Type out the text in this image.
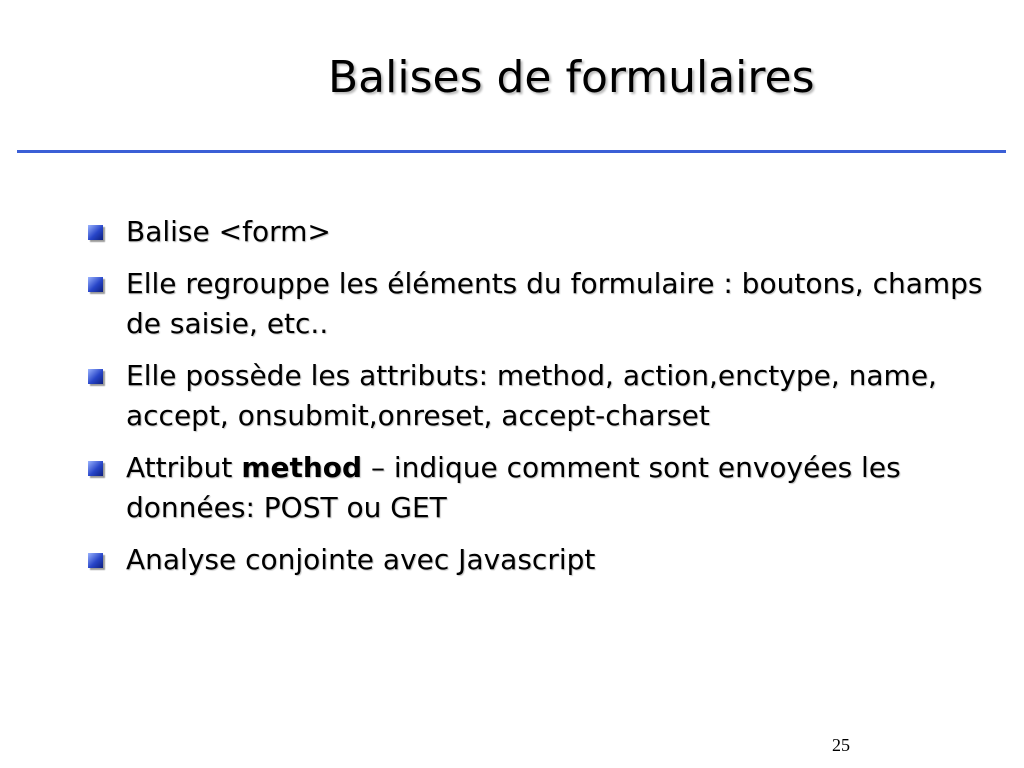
Balises de formulaires
Balise <form>
Elle regrouppe les éléments du formulaire : boutons, champs de saisie, etc..
Elle possède les attributs: method, action,enctype, name, accept, onsubmit,onreset, accept-charset
Attribut method – indique comment sont envoyées les données: POST ou GET
Analyse conjointe avec Javascript
25
